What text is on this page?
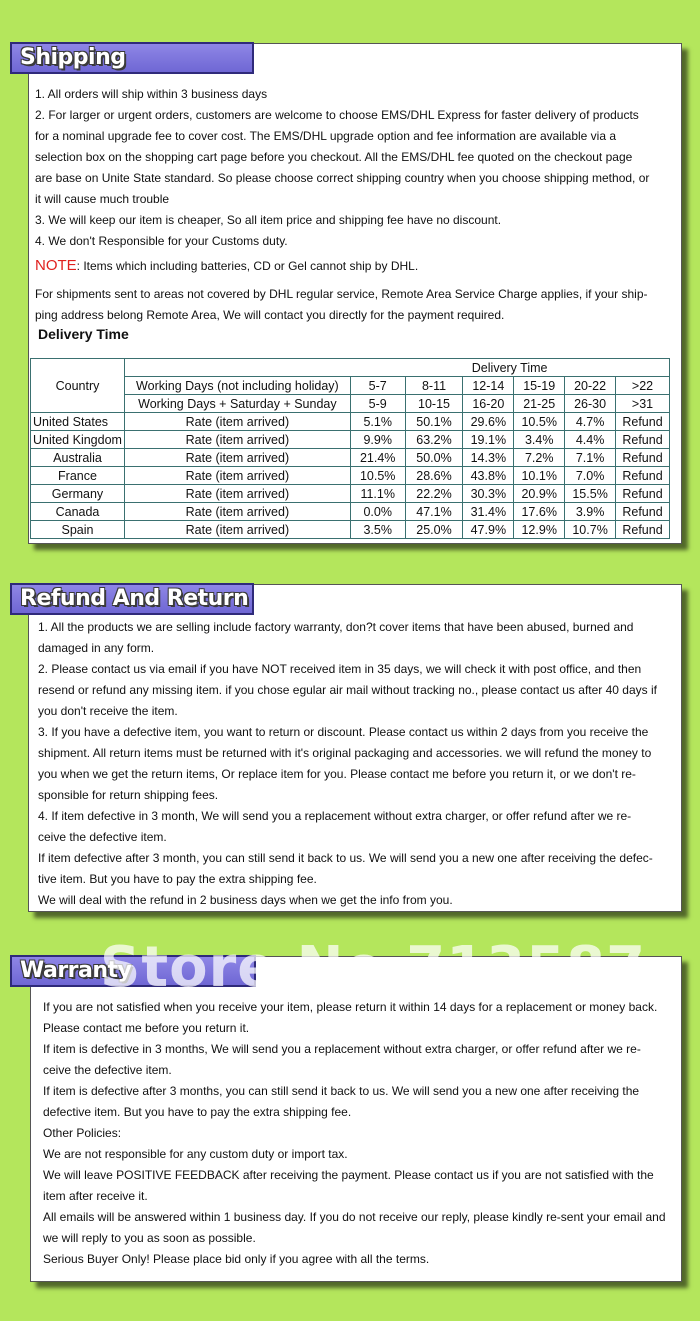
Shipping
1. All orders will ship within 3 business days
2. For larger or urgent orders, customers are welcome to choose EMS/DHL Express for faster delivery of products
for a nominal upgrade fee to cover cost. The EMS/DHL upgrade option and fee information are available via a
selection box on the shopping cart page before you checkout. All the EMS/DHL fee quoted on the checkout page
are base on Unite State standard. So please choose correct shipping country when you choose shipping method, or
it will cause much trouble
3. We will keep our item is cheaper, So all item price and shipping fee have no discount.
4. We don't Responsible for your Customs duty.
NOTE: Items which including batteries, CD or Gel cannot ship by DHL.
For shipments sent to areas not covered by DHL regular service, Remote Area Service Charge applies, if your ship-
ping address belong Remote Area, We will contact you directly for the payment required.
Delivery Time
Country		Delivery Time					
	Working Days (not including holiday)	5-7	8-11	12-14	15-19	20-22	>22
	Working Days + Saturday + Sunday	5-9	10-15	16-20	21-25	26-30	>31
United States	Rate (item arrived)	5.1%	50.1%	29.6%	10.5%	4.7%	Refund
United Kingdom	Rate (item arrived)	9.9%	63.2%	19.1%	3.4%	4.4%	Refund
Australia	Rate (item arrived)	21.4%	50.0%	14.3%	7.2%	7.1%	Refund
France	Rate (item arrived)	10.5%	28.6%	43.8%	10.1%	7.0%	Refund
Germany	Rate (item arrived)	11.1%	22.2%	30.3%	20.9%	15.5%	Refund
Canada	Rate (item arrived)	0.0%	47.1%	31.4%	17.6%	3.9%	Refund
Spain	Rate (item arrived)	3.5%	25.0%	47.9%	12.9%	10.7%	Refund
Refund And Return
1. All the products we are selling include factory warranty, don?t cover items that have been abused, burned and
damaged in any form.
2. Please contact us via email if you have NOT received item in 35 days, we will check it with post office, and then
resend or refund any missing item. if you chose egular air mail without tracking no., please contact us after 40 days if
you don't receive the item.
3. If you have a defective item, you want to return or discount. Please contact us within 2 days from you receive the
shipment. All return items must be returned with it's original packaging and accessories. we will refund the money to
you when we get the return items, Or replace item for you. Please contact me before you return it, or we don't re-
sponsible for return shipping fees.
4. If item defective in 3 month, We will send you a replacement without extra charger, or offer refund after we re-
ceive the defective item.
If item defective after 3 month, you can still send it back to us. We will send you a new one after receiving the defec-
tive item. But you have to pay the extra shipping fee.
We will deal with the refund in 2 business days when we get the info from you.
Warranty
Store No.713587
If you are not satisfied when you receive your item, please return it within 14 days for a replacement or money back.
Please contact me before you return it.
If item is defective in 3 months, We will send you a replacement without extra charger, or offer refund after we re-
ceive the defective item.
If item is defective after 3 months, you can still send it back to us. We will send you a new one after receiving the
defective item. But you have to pay the extra shipping fee.
Other Policies:
We are not responsible for any custom duty or import tax.
We will leave POSITIVE FEEDBACK after receiving the payment. Please contact us if you are not satisfied with the
item after receive it.
All emails will be answered within 1 business day. If you do not receive our reply, please kindly re-sent your email and
we will reply to you as soon as possible.
Serious Buyer Only! Please place bid only if you agree with all the terms.
